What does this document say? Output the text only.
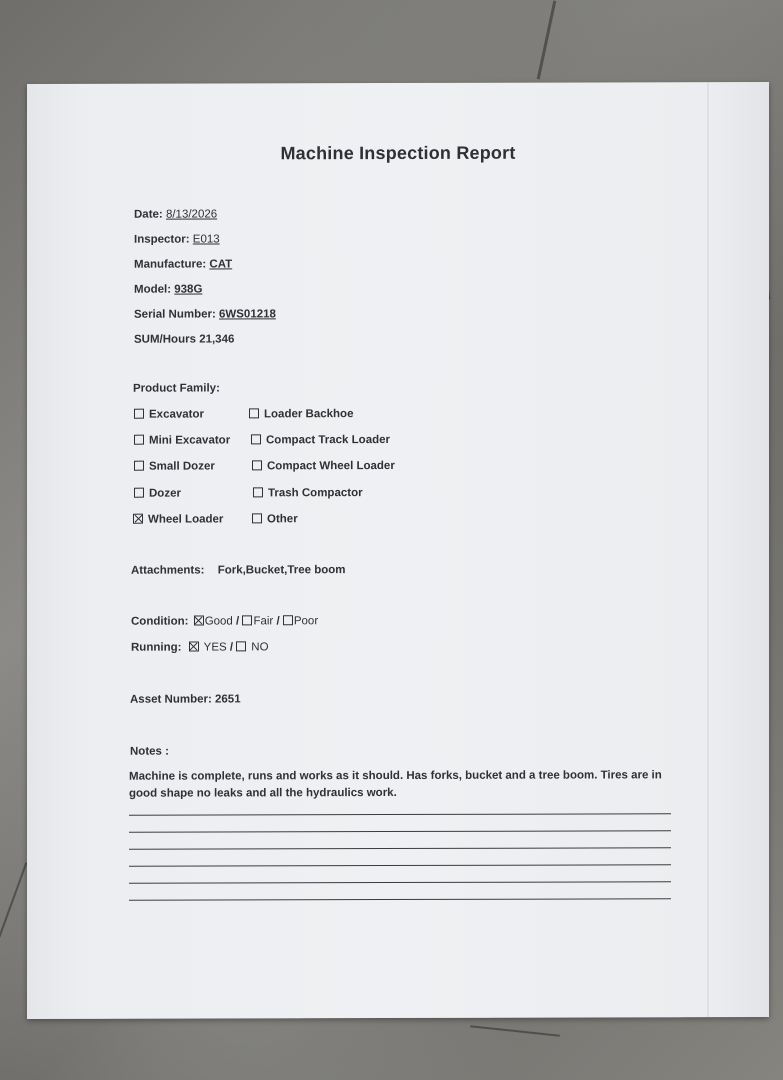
Machine Inspection Report
Date: 8/13/2026
Inspector: E013
Manufacture: CAT
Model: 938G
Serial Number: 6WS01218
SUM/Hours 21,346
Product Family:
Excavator	Loader Backhoe
Mini Excavator	Compact Track Loader
Small Dozer	Compact Wheel Loader
Dozer	Trash Compactor
Wheel Loader	Other
Attachments: Fork,Bucket,Tree boom
Condition: Good / Fair / Poor
Running: YES / NO
Asset Number: 2651
Notes :
Machine is complete, runs and works as it should. Has forks, bucket and a tree boom. Tires are in good shape no leaks and all the hydraulics work.
